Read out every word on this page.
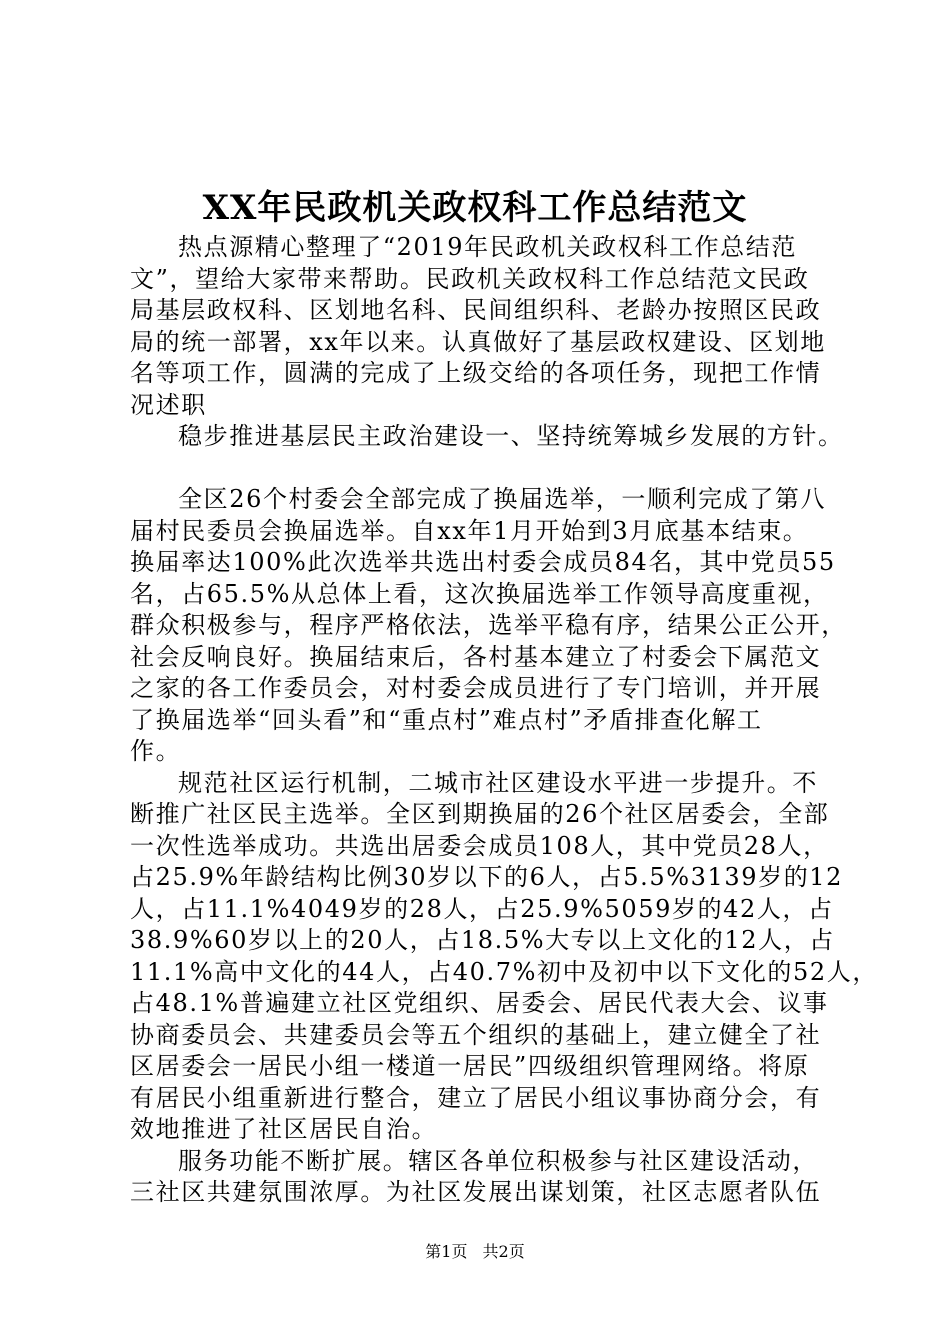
XX年民政机关政权科工作总结范文
热点源精心整理了“2019年民政机关政权科工作总结范
文”，望给大家带来帮助。民政机关政权科工作总结范文民政
局基层政权科、区划地名科、民间组织科、老龄办按照区民政
局的统一部署，xx年以来。认真做好了基层政权建设、区划地
名等项工作，圆满的完成了上级交给的各项任务，现把工作情
况述职
稳步推进基层民主政治建设一、坚持统筹城乡发展的方针。
全区26个村委会全部完成了换届选举，一顺利完成了第八
届村民委员会换届选举。自xx年1月开始到3月底基本结束。
换届率达100%此次选举共选出村委会成员84名，其中党员55
名，占65.5%从总体上看，这次换届选举工作领导高度重视，
群众积极参与，程序严格依法，选举平稳有序，结果公正公开，
社会反响良好。换届结束后，各村基本建立了村委会下属范文
之家的各工作委员会，对村委会成员进行了专门培训，并开展
了换届选举“回头看”和“重点村”难点村”矛盾排查化解工
作。
规范社区运行机制，二城市社区建设水平进一步提升。不
断推广社区民主选举。全区到期换届的26个社区居委会，全部
一次性选举成功。共选出居委会成员108人，其中党员28人，
占25.9%年龄结构比例30岁以下的6人，占5.5%3139岁的12
人，占11.1%4049岁的28人，占25.9%5059岁的42人，占
38.9%60岁以上的20人，占18.5%大专以上文化的12人，占
11.1%高中文化的44人，占40.7%初中及初中以下文化的52人，
占48.1%普遍建立社区党组织、居委会、居民代表大会、议事
协商委员会、共建委员会等五个组织的基础上，建立健全了社
区居委会一居民小组一楼道一居民”四级组织管理网络。将原
有居民小组重新进行整合，建立了居民小组议事协商分会，有
效地推进了社区居民自治。
服务功能不断扩展。辖区各单位积极参与社区建设活动，
三社区共建氛围浓厚。为社区发展出谋划策，社区志愿者队伍
第1页 共2页
